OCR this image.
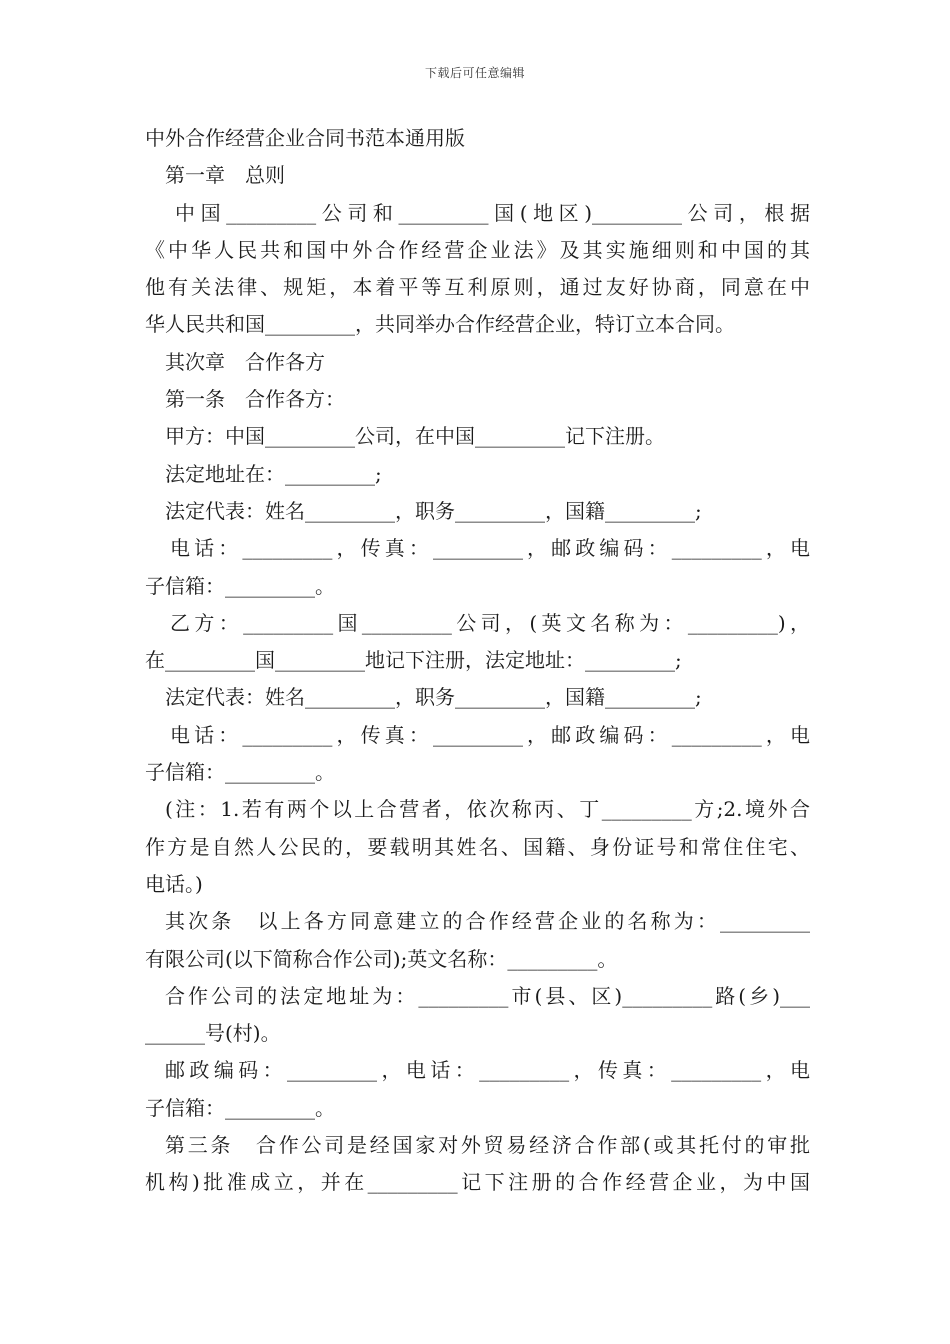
下载后可任意编辑
中外合作经营企业合同书范本通用版
第一章　总则
中国_________公司和_________国(地区)_________公司，根据
《中华人民共和国中外合作经营企业法》及其实施细则和中国的其
他有关法律、规矩，本着平等互利原则，通过友好协商，同意在中
华人民共和国_________，共同举办合作经营企业，特订立本合同。
其次章　合作各方
第一条　合作各方：
甲方：中国_________公司，在中国_________记下注册。
法定地址在：_________;
法定代表：姓名_________，职务_________，国籍_________;
电话：_________，传真：_________，邮政编码：_________，电
子信箱：_________。
乙方：_________国_________公司，(英文名称为：_________)，
在_________国_________地记下注册，法定地址：_________;
法定代表：姓名_________，职务_________，国籍_________;
电话：_________，传真：_________，邮政编码：_________，电
子信箱：_________。
(注：1.若有两个以上合营者，依次称丙、丁_________方;2.境外合
作方是自然人公民的，要载明其姓名、国籍、身份证号和常住住宅、
电话。)
其次条　以上各方同意建立的合作经营企业的名称为：_________
有限公司(以下简称合作公司);英文名称：_________。
合作公司的法定地址为：_________市(县、区)_________路(乡)___
______号(村)。
邮政编码：_________，电话：_________，传真：_________，电
子信箱：_________。
第三条　合作公司是经国家对外贸易经济合作部(或其托付的审批
机构)批准成立，并在_________记下注册的合作经营企业，为中国
